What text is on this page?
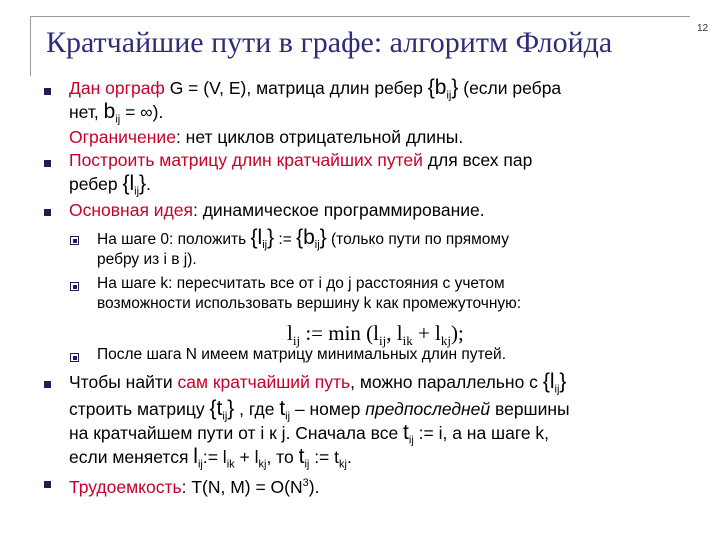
12
Кратчайшие пути в графе: алгоритм Флойда
Дан орграф G = (V, E), матрица длин ребер $\{b_{ij}\}$ (если ребра
нет, $b_{ij}$ = ∞).
Ограничение: нет циклов отрицательной длины.
Построить матрицу длин кратчайших путей для всех пар
ребер $\{l_{ij}\}$.
Основная идея: динамическое программирование.
На шаге 0: положить $\{l_{ij}\}$ := $\{b_{ij}\}$ (только пути по прямому
ребру из i в j).
На шаге k: пересчитать все от i до j расстояния с учетом
возможности использовать вершину k как промежуточную:
$l_{ij}$ := $\min (l_{ij}$, $l_{ik} + l_{kj}$);
После шага N имеем матрицу минимальных длин путей.
Чтобы найти сам кратчайший путь, можно параллельно с $\{l_{ij}\}$
строить матрицу $\{t_{ij}\}$ , где $t_{ij}$ – номер предпоследней вершины
на кратчайшем пути от i к j. Сначала все $t_{ij}$ := i, а на шаге k,
если меняется $l_{ij}:= l_{ik} + l_{kj}$, то $t_{ij}$ := $t_{kj}$.
Трудоемкость: T(N, $M) = O(N^3)$.
